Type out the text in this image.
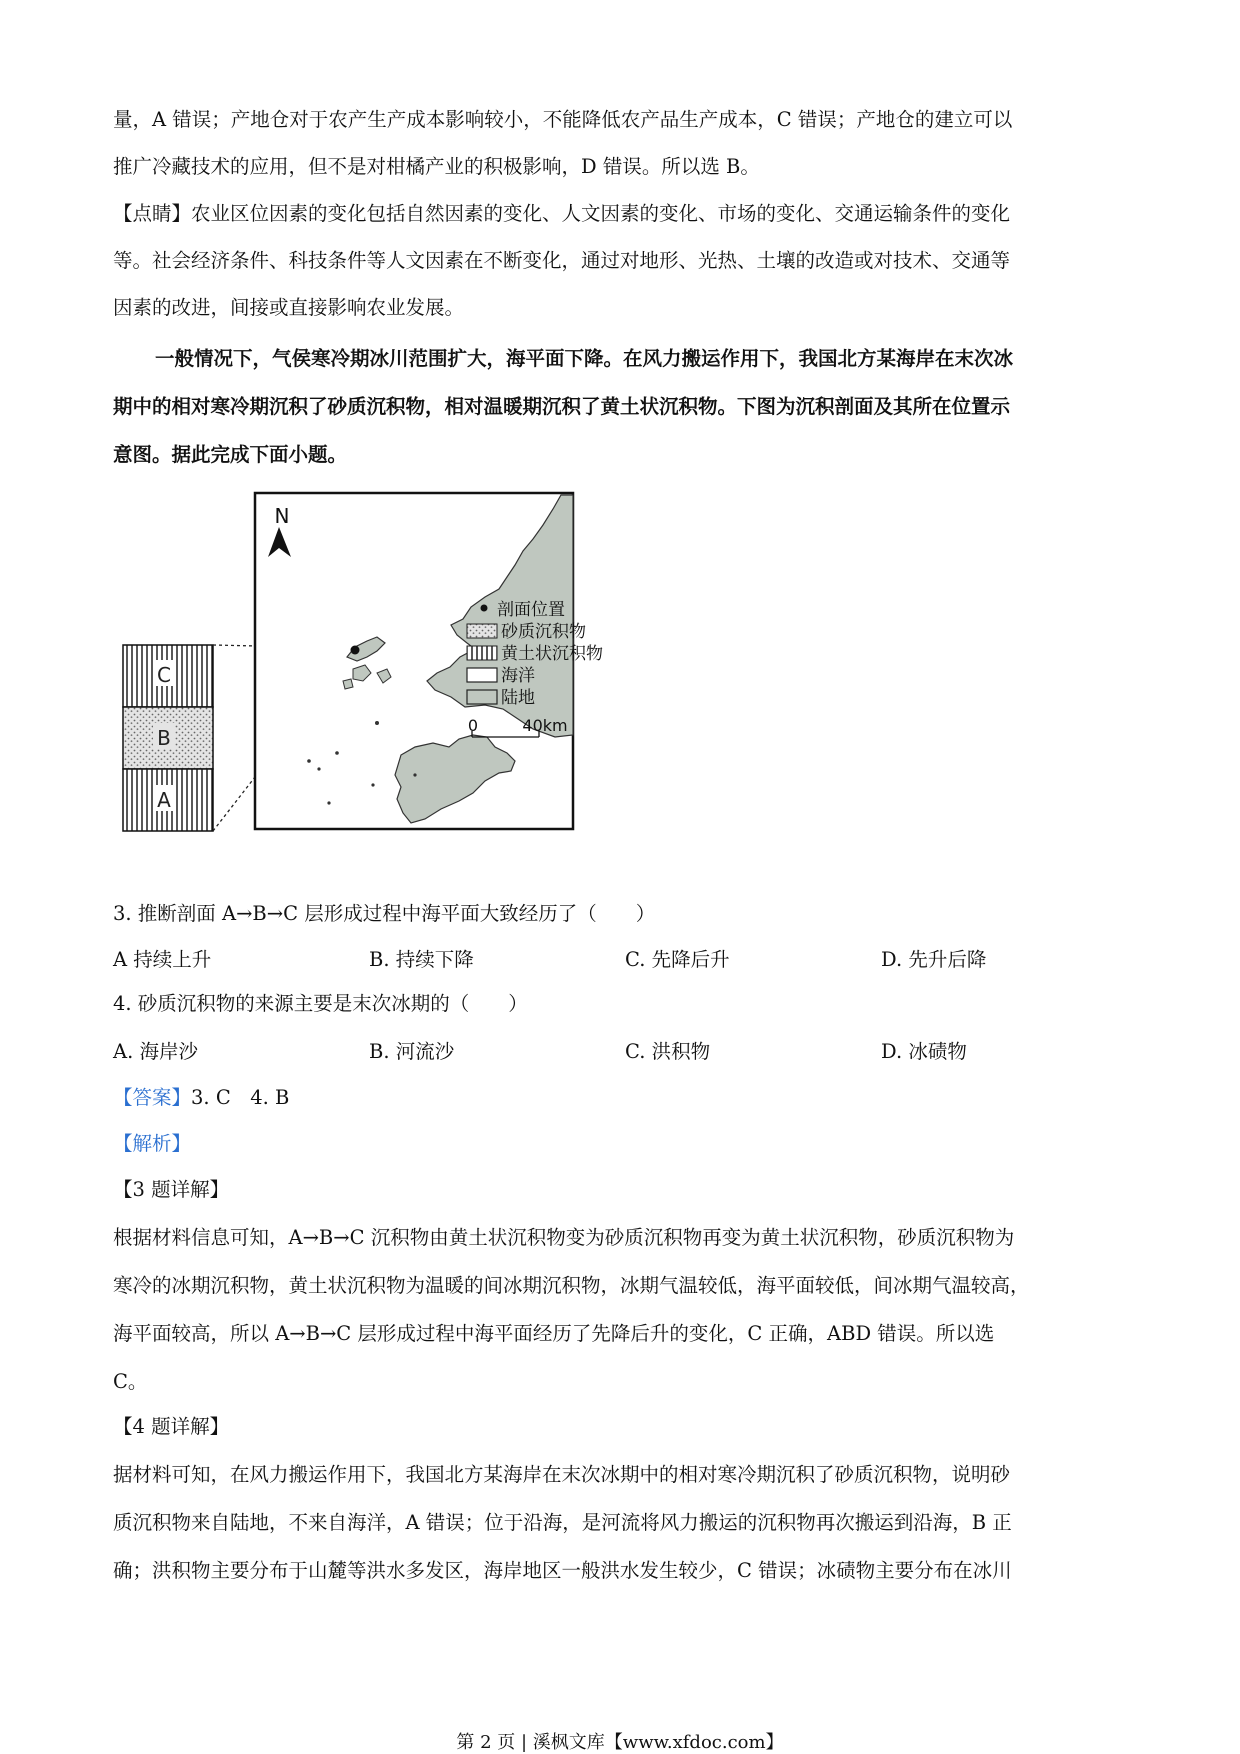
量，A 错误；产地仓对于农产生产成本影响较小，不能降低农产品生产成本，C 错误；产地仓的建立可以
推广冷藏技术的应用，但不是对柑橘产业的积极影响，D 错误。所以选 B。
【点睛】农业区位因素的变化包括自然因素的变化、人文因素的变化、市场的变化、交通运输条件的变化
等。社会经济条件、科技条件等人文因素在不断变化，通过对地形、光热、土壤的改造或对技术、交通等
因素的改进，间接或直接影响农业发展。
一般情况下，气侯寒冷期冰川范围扩大，海平面下降。在风力搬运作用下，我国北方某海岸在末次冰
期中的相对寒冷期沉积了砂质沉积物，相对温暖期沉积了黄土状沉积物。下图为沉积剖面及其所在位置示
意图。据此完成下面小题。
C
B
A
N
剖面位置
砂质沉积物
黄土状沉积物
海洋
陆地
0	40km
3. 推断剖面 A→B→C 层形成过程中海平面大致经历了（　　）
A 持续上升	B. 持续下降	C. 先降后升	D. 先升后降
4. 砂质沉积物的来源主要是末次冰期的（　　）
A. 海岸沙	B. 河流沙	C. 洪积物	D. 冰碛物
【答案】3. C　4. B
【解析】
【3 题详解】
根据材料信息可知，A→B→C 沉积物由黄土状沉积物变为砂质沉积物再变为黄土状沉积物，砂质沉积物为
寒冷的冰期沉积物，黄土状沉积物为温暖的间冰期沉积物，冰期气温较低，海平面较低，间冰期气温较高，
海平面较高，所以 A→B→C 层形成过程中海平面经历了先降后升的变化，C 正确，ABD 错误。所以选
C。
【4 题详解】
据材料可知，在风力搬运作用下，我国北方某海岸在末次冰期中的相对寒冷期沉积了砂质沉积物，说明砂
质沉积物来自陆地，不来自海洋，A 错误；位于沿海，是河流将风力搬运的沉积物再次搬运到沿海，B 正
确；洪积物主要分布于山麓等洪水多发区，海岸地区一般洪水发生较少，C 错误；冰碛物主要分布在冰川
第 2 页 | 溪枫文库【www.xfdoc.com】
